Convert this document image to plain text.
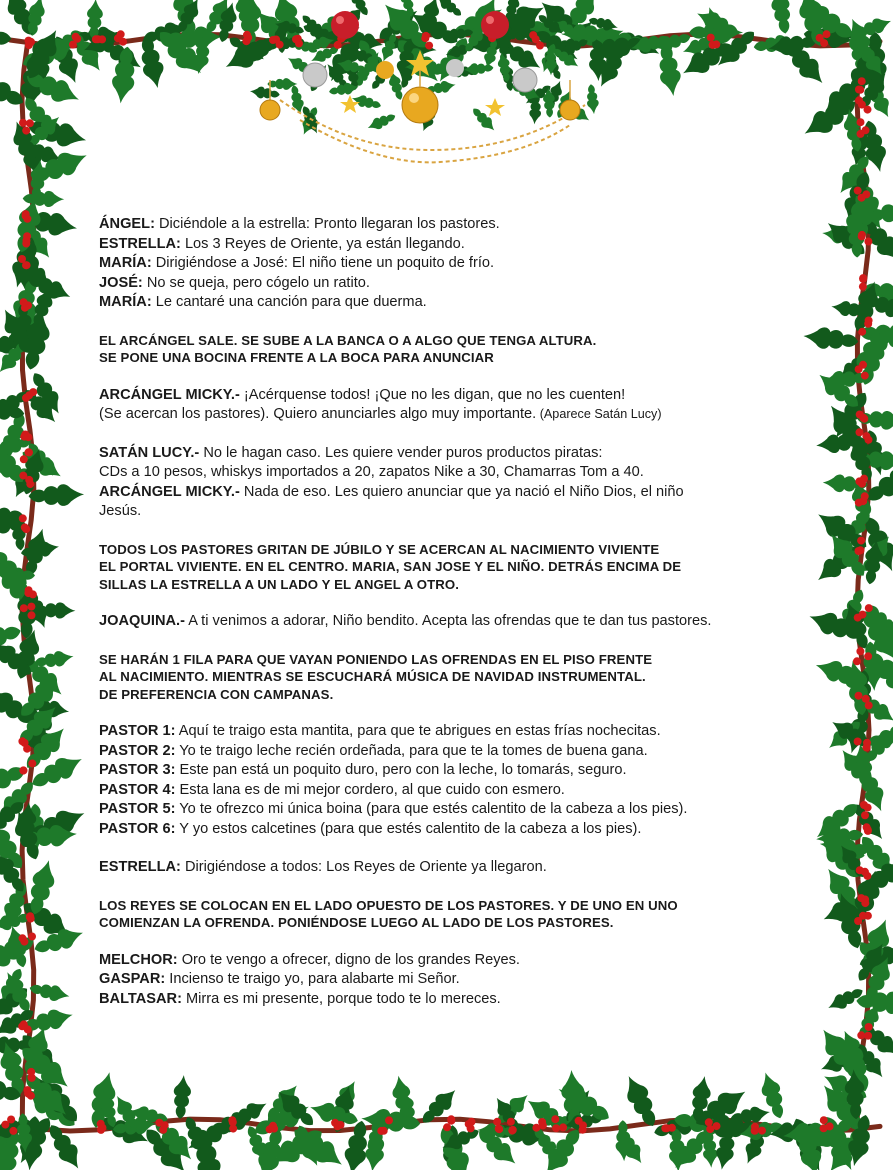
ÁNGEL: Diciéndole a la estrella: Pronto llegaran los pastores.
ESTRELLA: Los 3 Reyes de Oriente, ya están llegando.
MARÍA: Dirigiéndose a José: El niño tiene un poquito de frío.
JOSÉ: No se queja, pero cógelo un ratito.
MARÍA: Le cantaré una canción para que duerma.
EL ARCÁNGEL SALE. SE SUBE A LA BANCA O A ALGO QUE TENGA ALTURA.
SE PONE UNA BOCINA FRENTE A LA BOCA PARA ANUNCIAR
ARCÁNGEL MICKY.- ¡Acérquense todos! ¡Que no les digan, que no les cuenten!
(Se acercan los pastores). Quiero anunciarles algo muy importante. (Aparece Satán Lucy)
SATÁN LUCY.- No le hagan caso. Les quiere vender puros productos piratas:
CDs a 10 pesos, whiskys importados a 20, zapatos Nike a 30, Chamarras Tom a 40.
ARCÁNGEL MICKY.- Nada de eso. Les quiero anunciar que ya nació el Niño Dios, el niño
Jesús.
TODOS LOS PASTORES GRITAN DE JÚBILO Y SE ACERCAN AL NACIMIENTO VIVIENTE
EL PORTAL VIVIENTE. EN EL CENTRO. MARIA, SAN JOSE Y EL NIÑO. DETRÁS ENCIMA DE
SILLAS LA ESTRELLA A UN LADO Y EL ANGEL A OTRO.
JOAQUINA.- A ti venimos a adorar, Niño bendito. Acepta las ofrendas que te dan tus pastores.
SE HARÁN 1 FILA PARA QUE VAYAN PONIENDO LAS OFRENDAS EN EL PISO FRENTE
AL NACIMIENTO. MIENTRAS SE ESCUCHARÁ MÚSICA DE NAVIDAD INSTRUMENTAL.
DE PREFERENCIA CON CAMPANAS.
PASTOR 1: Aquí te traigo esta mantita, para que te abrigues en estas frías nochecitas.
PASTOR 2: Yo te traigo leche recién ordeñada, para que te la tomes de buena gana.
PASTOR 3: Este pan está un poquito duro, pero con la leche, lo tomarás, seguro.
PASTOR 4: Esta lana es de mi mejor cordero, al que cuido con esmero.
PASTOR 5: Yo te ofrezco mi única boina (para que estés calentito de la cabeza a los pies).
PASTOR 6: Y yo estos calcetines (para que estés calentito de la cabeza a los pies).
ESTRELLA: Dirigiéndose a todos: Los Reyes de Oriente ya llegaron.
LOS REYES SE COLOCAN EN EL LADO OPUESTO DE LOS PASTORES. Y DE UNO EN UNO
COMIENZAN LA OFRENDA. PONIÉNDOSE LUEGO AL LADO DE LOS PASTORES.
MELCHOR: Oro te vengo a ofrecer, digno de los grandes Reyes.
GASPAR: Incienso te traigo yo, para alabarte mi Señor.
BALTASAR: Mirra es mi presente, porque todo te lo mereces.
